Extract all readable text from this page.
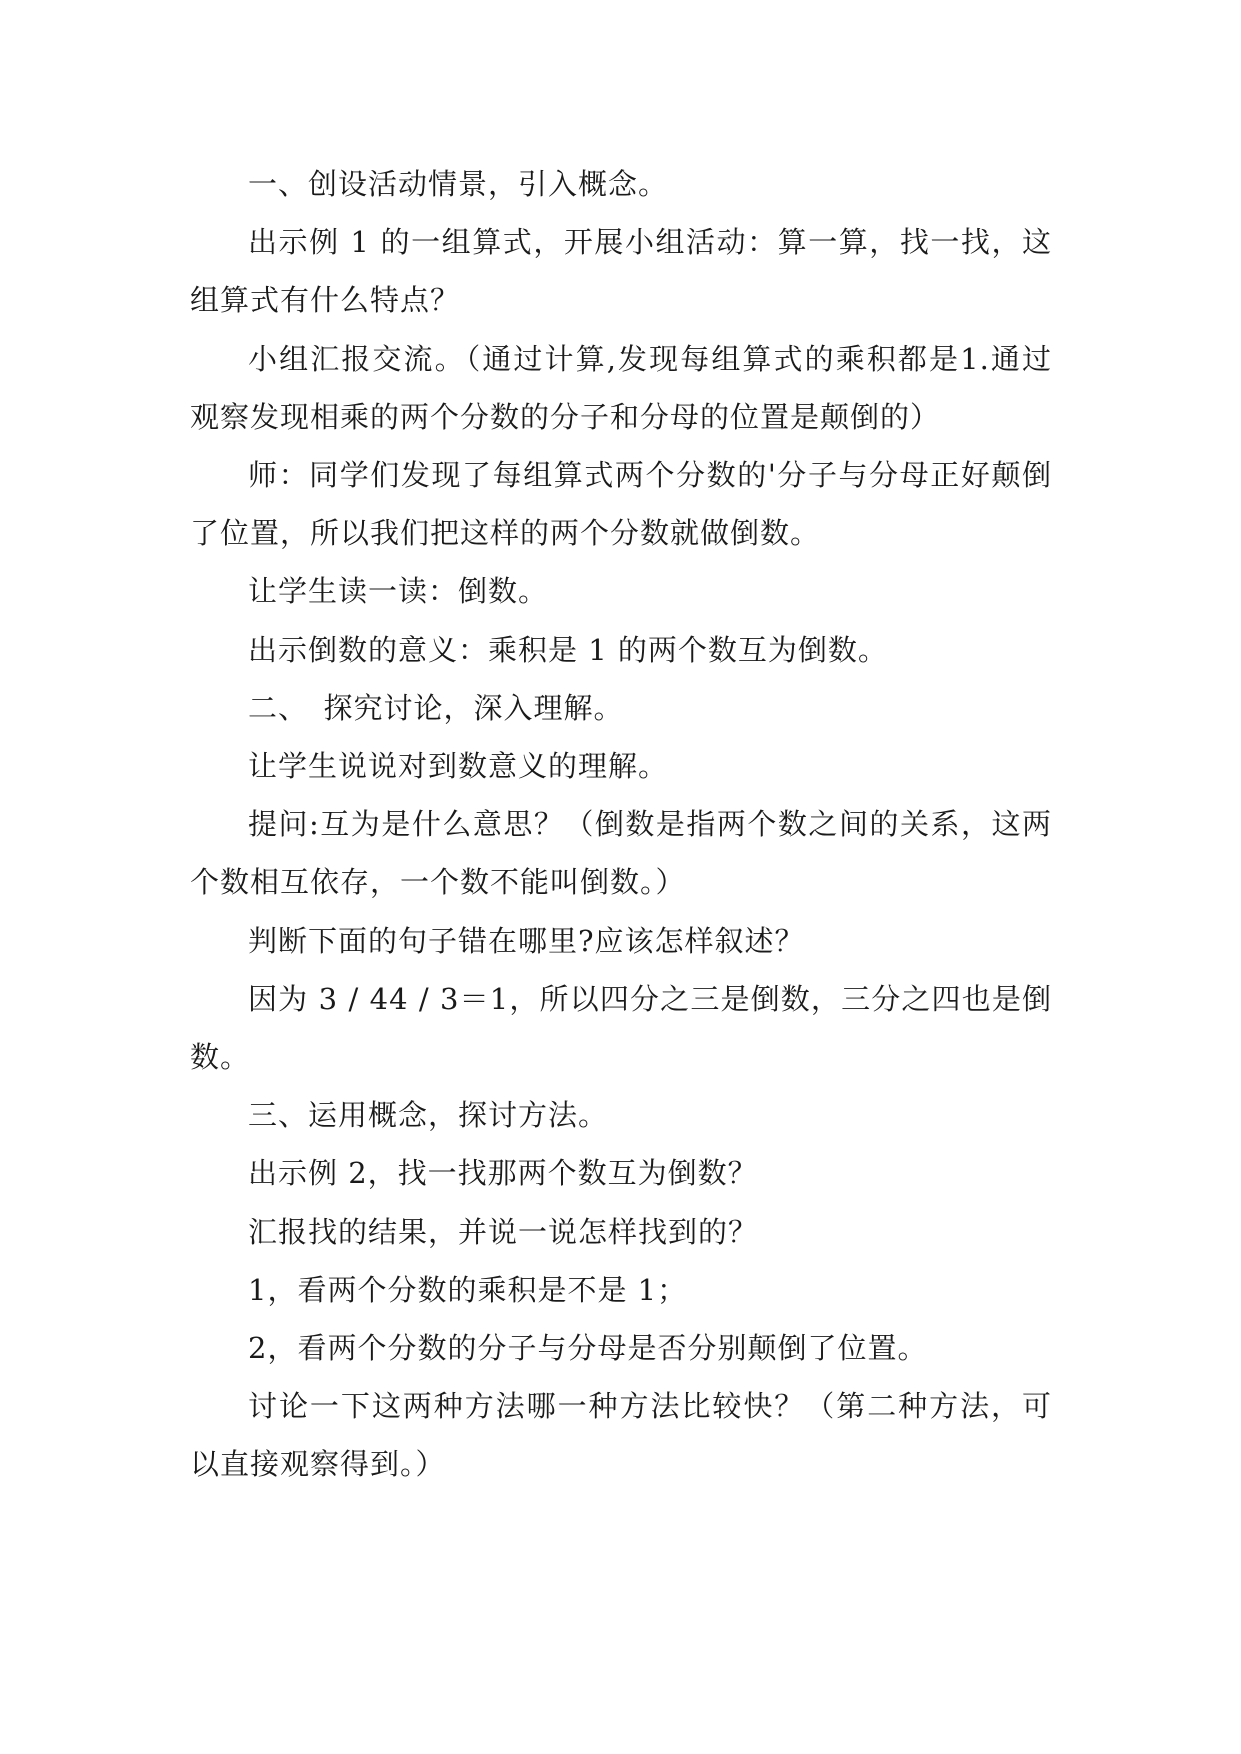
一、创设活动情景，引入概念。

出示例 1 的一组算式，开展小组活动：算一算，找一找，这组算式有什么特点？

小组汇报交流。（通过计算,发现每组算式的乘积都是1.通过观察发现相乘的两个分数的分子和分母的位置是颠倒的）

师：同学们发现了每组算式两个分数的'分子与分母正好颠倒了位置，所以我们把这样的两个分数就做倒数。

让学生读一读：倒数。

出示倒数的意义：乘积是 1 的两个数互为倒数。

二、　探究讨论，深入理解。

让学生说说对到数意义的理解。

提问:互为是什么意思？（倒数是指两个数之间的关系，这两个数相互依存，一个数不能叫倒数。）

判断下面的句子错在哪里?应该怎样叙述？

因为 3 / 44 / 3＝1，所以四分之三是倒数，三分之四也是倒数。

三、运用概念，探讨方法。

出示例 2，找一找那两个数互为倒数？

汇报找的结果，并说一说怎样找到的？

1，看两个分数的乘积是不是 1；

2，看两个分数的分子与分母是否分别颠倒了位置。

讨论一下这两种方法哪一种方法比较快？（第二种方法，可以直接观察得到。）
